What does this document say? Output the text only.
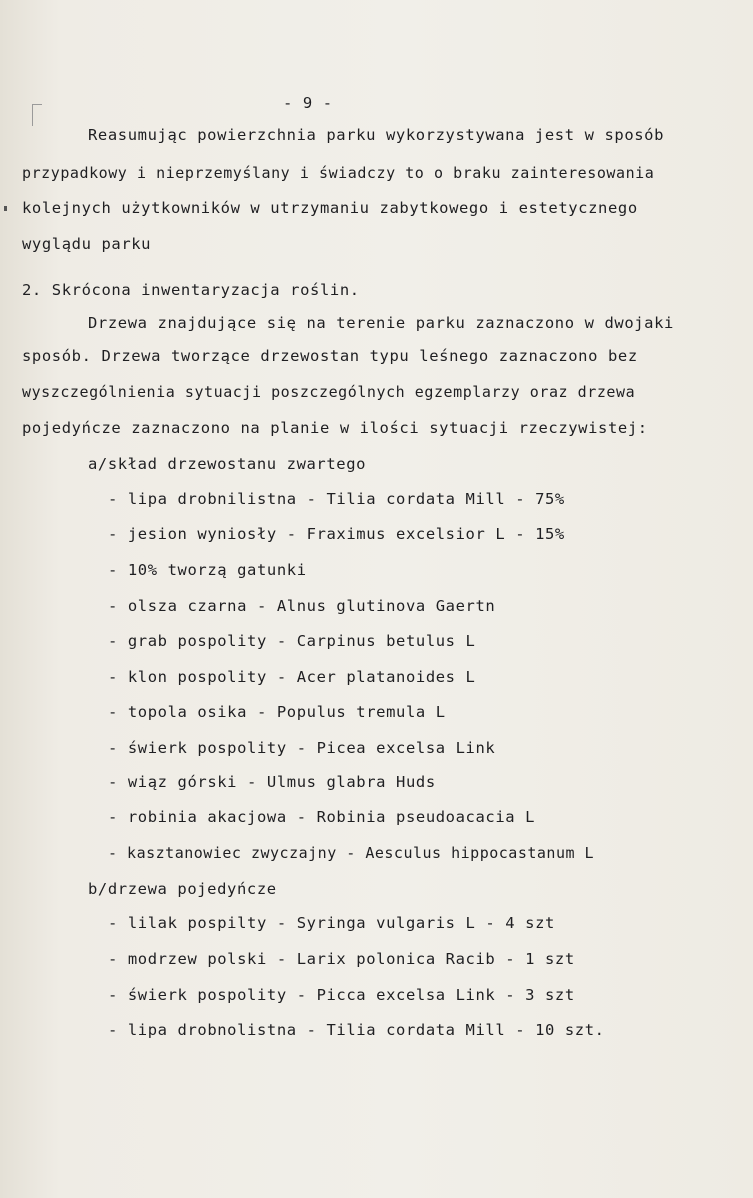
- 9 -
Reasumując powierzchnia parku wykorzystywana jest w sposób
przypadkowy i nieprzemyślany i świadczy to o braku zainteresowania
kolejnych użytkowników w utrzymaniu zabytkowego i estetycznego
wyglądu parku
2. Skrócona inwentaryzacja roślin.
Drzewa znajdujące się na terenie parku zaznaczono w dwojaki
sposób. Drzewa tworzące drzewostan typu leśnego zaznaczono bez
wyszczególnienia sytuacji poszczególnych egzemplarzy oraz drzewa
pojedyńcze zaznaczono na planie w ilości sytuacji rzeczywistej:
a/skład drzewostanu zwartego
- lipa drobnilistna - Tilia cordata Mill - 75%
- jesion wyniosły - Fraximus excelsior L - 15%
- 10% tworzą gatunki
- olsza czarna - Alnus glutinova Gaertn
- grab pospolity - Carpinus betulus L
- klon pospolity - Acer platanoides L
- topola osika - Populus tremula L
- świerk pospolity - Picea excelsa Link
- wiąz górski - Ulmus glabra Huds
- robinia akacjowa - Robinia pseudoacacia L
- kasztanowiec zwyczajny - Aesculus hippocastanum L
b/drzewa pojedyńcze
- lilak pospilty - Syringa vulgaris L - 4 szt
- modrzew polski - Larix polonica Racib - 1 szt
- świerk pospolity - Picca excelsa Link - 3 szt
- lipa drobnolistna - Tilia cordata Mill - 10 szt.
